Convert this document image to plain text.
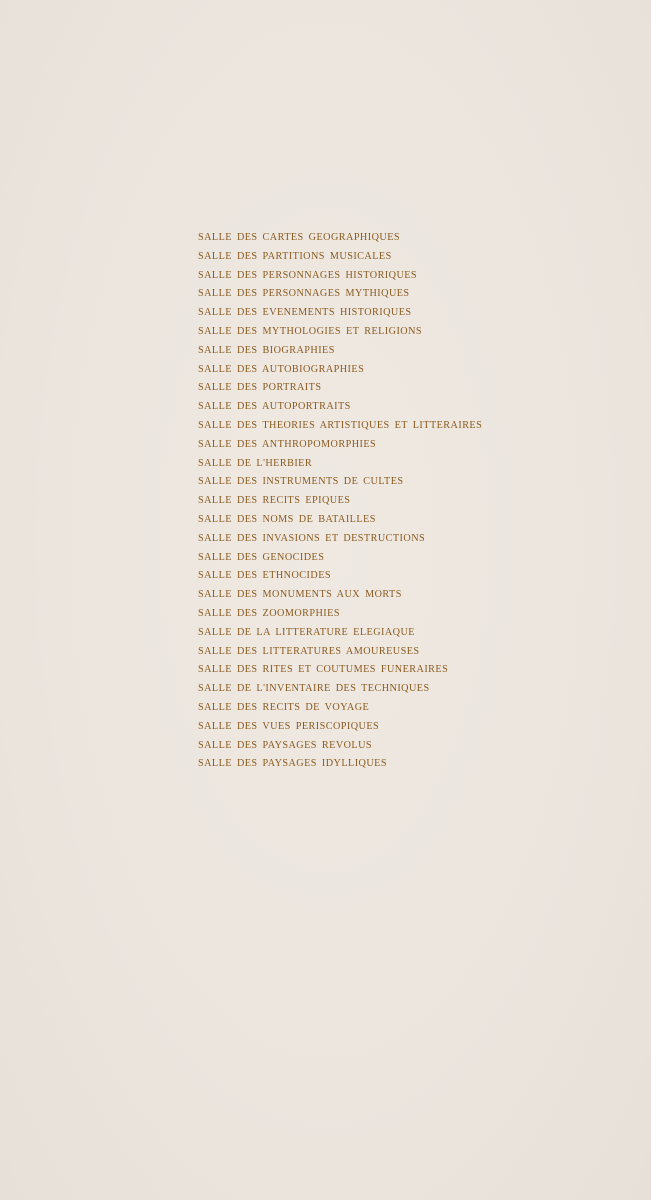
SALLE DES CARTES GEOGRAPHIQUES
SALLE DES PARTITIONS MUSICALES
SALLE DES PERSONNAGES HISTORIQUES
SALLE DES PERSONNAGES MYTHIQUES
SALLE DES EVENEMENTS HISTORIQUES
SALLE DES MYTHOLOGIES ET RELIGIONS
SALLE DES BIOGRAPHIES
SALLE DES AUTOBIOGRAPHIES
SALLE DES PORTRAITS
SALLE DES AUTOPORTRAITS
SALLE DES THEORIES ARTISTIQUES ET LITTERAIRES
SALLE DES ANTHROPOMORPHIES
SALLE DE L'HERBIER
SALLE DES INSTRUMENTS DE CULTES
SALLE DES RECITS EPIQUES
SALLE DES NOMS DE BATAILLES
SALLE DES INVASIONS ET DESTRUCTIONS
SALLE DES GENOCIDES
SALLE DES ETHNOCIDES
SALLE DES MONUMENTS AUX MORTS
SALLE DES ZOOMORPHIES
SALLE DE LA LITTERATURE ELEGIAQUE
SALLE DES LITTERATURES AMOUREUSES
SALLE DES RITES ET COUTUMES FUNERAIRES
SALLE DE L'INVENTAIRE DES TECHNIQUES
SALLE DES RECITS DE VOYAGE
SALLE DES VUES PERISCOPIQUES
SALLE DES PAYSAGES REVOLUS
SALLE DES PAYSAGES IDYLLIQUES
